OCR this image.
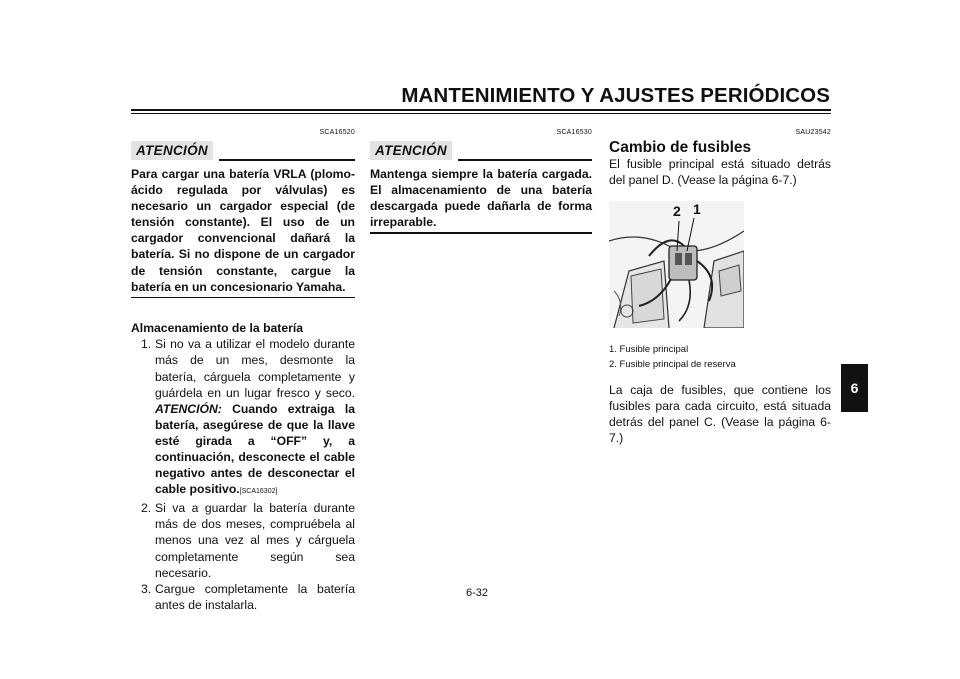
MANTENIMIENTO Y AJUSTES PERIÓDICOS
6
SCA16520
ATENCIÓN
Para cargar una batería VRLA (plomo-ácido regulada por válvulas) es necesario un cargador especial (de tensión constante). El uso de un cargador convencional dañará la batería. Si no dispone de un cargador de tensión constante, cargue la batería en un concesionario Yamaha.
Almacenamiento de la batería
1. Si no va a utilizar el modelo durante más de un mes, desmonte la batería, cárguela completamente y guárdela en un lugar fresco y seco. ATENCIÓN: Cuando extraiga la batería, asegúrese de que la llave esté girada a “OFF” y, a continuación, desconecte el cable negativo antes de desconectar el cable positivo.[SCA16302]
2. Si va a guardar la batería durante más de dos meses, compruébela al menos una vez al mes y cárguela completamente según sea necesario.
3. Cargue completamente la batería antes de instalarla.
SCA16530
ATENCIÓN
Mantenga siempre la batería cargada. El almacenamiento de una batería descargada puede dañarla de forma irreparable.
SAU23542
Cambio de fusibles
El fusible principal está situado detrás del panel D. (Vease la página 6-7.)
2 1
1. Fusible principal
2. Fusible principal de reserva
La caja de fusibles, que contiene los fusibles para cada circuito, está situada detrás del panel C. (Vease la página 6-7.)
6-32
